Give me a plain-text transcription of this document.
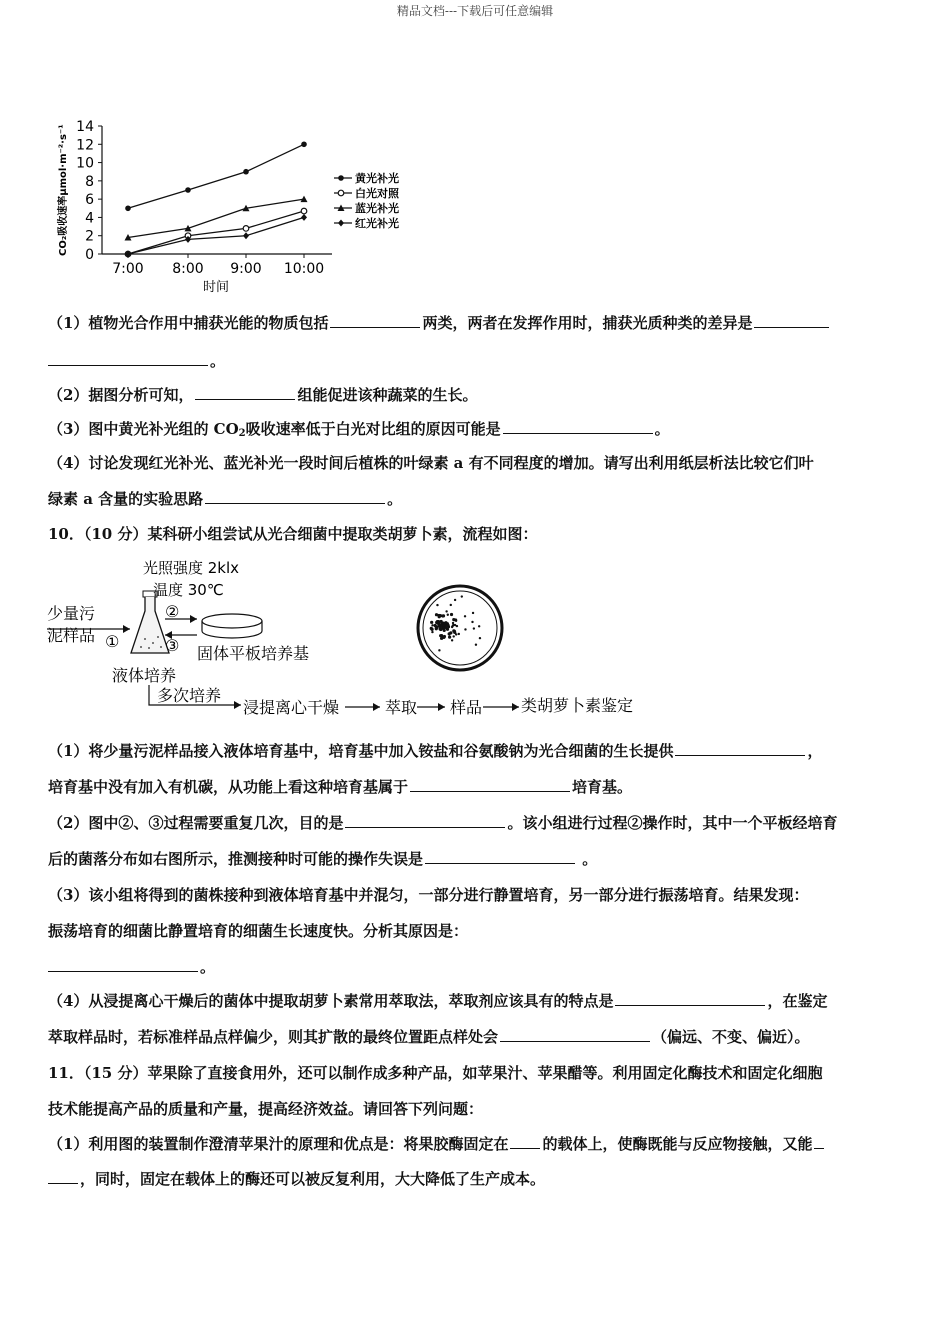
精品文档---下载后可任意编辑
CO₂吸收速率μmol·m⁻²·s⁻¹ 0
2
4
6
8
10
12
14
7:00 8:00 9:00 10:00
黄光补光
白光对照
蓝光补光
红光补光
时间
（1）植物光合作用中捕获光能的物质包括	两类，两者在发挥作用时，捕获光质种类的差异是
。
（2）据图分析可知，	组能促进该种蔬菜的生长。
（3）图中黄光补光组的 $CO_2$吸收速率低于白光对比组的原因可能是	。
（4）讨论发现红光补光、蓝光补光一段时间后植株的叶绿素 a 有不同程度的增加。请写出利用纸层析法比较它们叶
绿素 a 含量的实验思路	。
10．（10 分）某科研小组尝试从光合细菌中提取类胡萝卜素，流程如图：
光照强度 2klx
温度 30℃
少量污
泥样品 ①
②
③ 固体平板培养基
液体培养
多次培养
浸提离心干燥	萃取 样品 类胡萝卜素鉴定
（1）将少量污泥样品接入液体培育基中，培育基中加入铵盐和谷氨酸钠为光合细菌的生长提供	，
培育基中没有加入有机碳，从功能上看这种培育基属于	培育基。
（2）图中②、③过程需要重复几次，目的是	。该小组进行过程②操作时，其中一个平板经培育
后的菌落分布如右图所示，推测接种时可能的操作失误是	。
（3）该小组将得到的菌株接种到液体培育基中并混匀，一部分进行静置培育，另一部分进行振荡培育。结果发现：
振荡培育的细菌比静置培育的细菌生长速度快。分析其原因是：
。
（4）从浸提离心干燥后的菌体中提取胡萝卜素常用萃取法，萃取剂应该具有的特点是	，在鉴定
萃取样品时，若标准样品点样偏少，则其扩散的最终位置距点样处会	（偏远、不变、偏近）。
11．（15 分）苹果除了直接食用外，还可以制作成多种产品，如苹果汁、苹果醋等。利用固定化酶技术和固定化细胞
技术能提高产品的质量和产量，提高经济效益。请回答下列问题：
（1）利用图的装置制作澄清苹果汁的原理和优点是：将果胶酶固定在 的载体上，使酶既能与反应物接触，又能
，同时，固定在载体上的酶还可以被反复利用，大大降低了生产成本。
